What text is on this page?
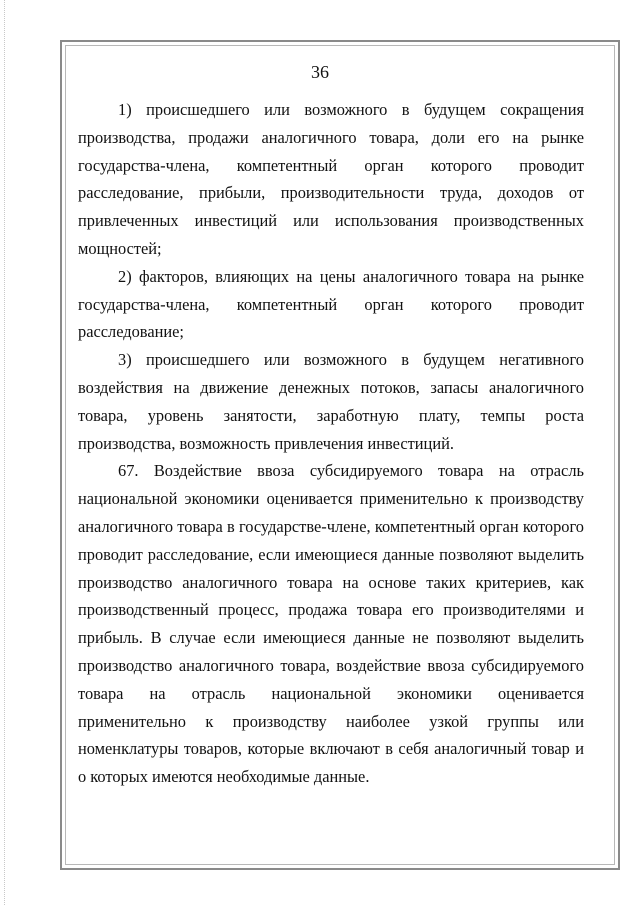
36

1) происшедшего или возможного в будущем сокращения производства, продажи аналогичного товара, доли его на рынке государства-члена, компетентный орган которого проводит расследование, прибыли, производительности труда, доходов от привлеченных инвестиций или использования производственных мощностей;

2) факторов, влияющих на цены аналогичного товара на рынке государства-члена, компетентный орган которого проводит расследование;

3) происшедшего или возможного в будущем негативного воздействия на движение денежных потоков, запасы аналогичного товара, уровень занятости, заработную плату, темпы роста производства, возможность привлечения инвестиций.

67. Воздействие ввоза субсидируемого товара на отрасль национальной экономики оценивается применительно к производству аналогичного товара в государстве-члене, компетентный орган которого проводит расследование, если имеющиеся данные позволяют выделить производство аналогичного товара на основе таких критериев, как производственный процесс, продажа товара его производителями и прибыль. В случае если имеющиеся данные не позволяют выделить производство аналогичного товара, воздействие ввоза субсидируемого товара на отрасль национальной экономики оценивается применительно к производству наиболее узкой группы или номенклатуры товаров, которые включают в себя аналогичный товар и о которых имеются необходимые данные.
